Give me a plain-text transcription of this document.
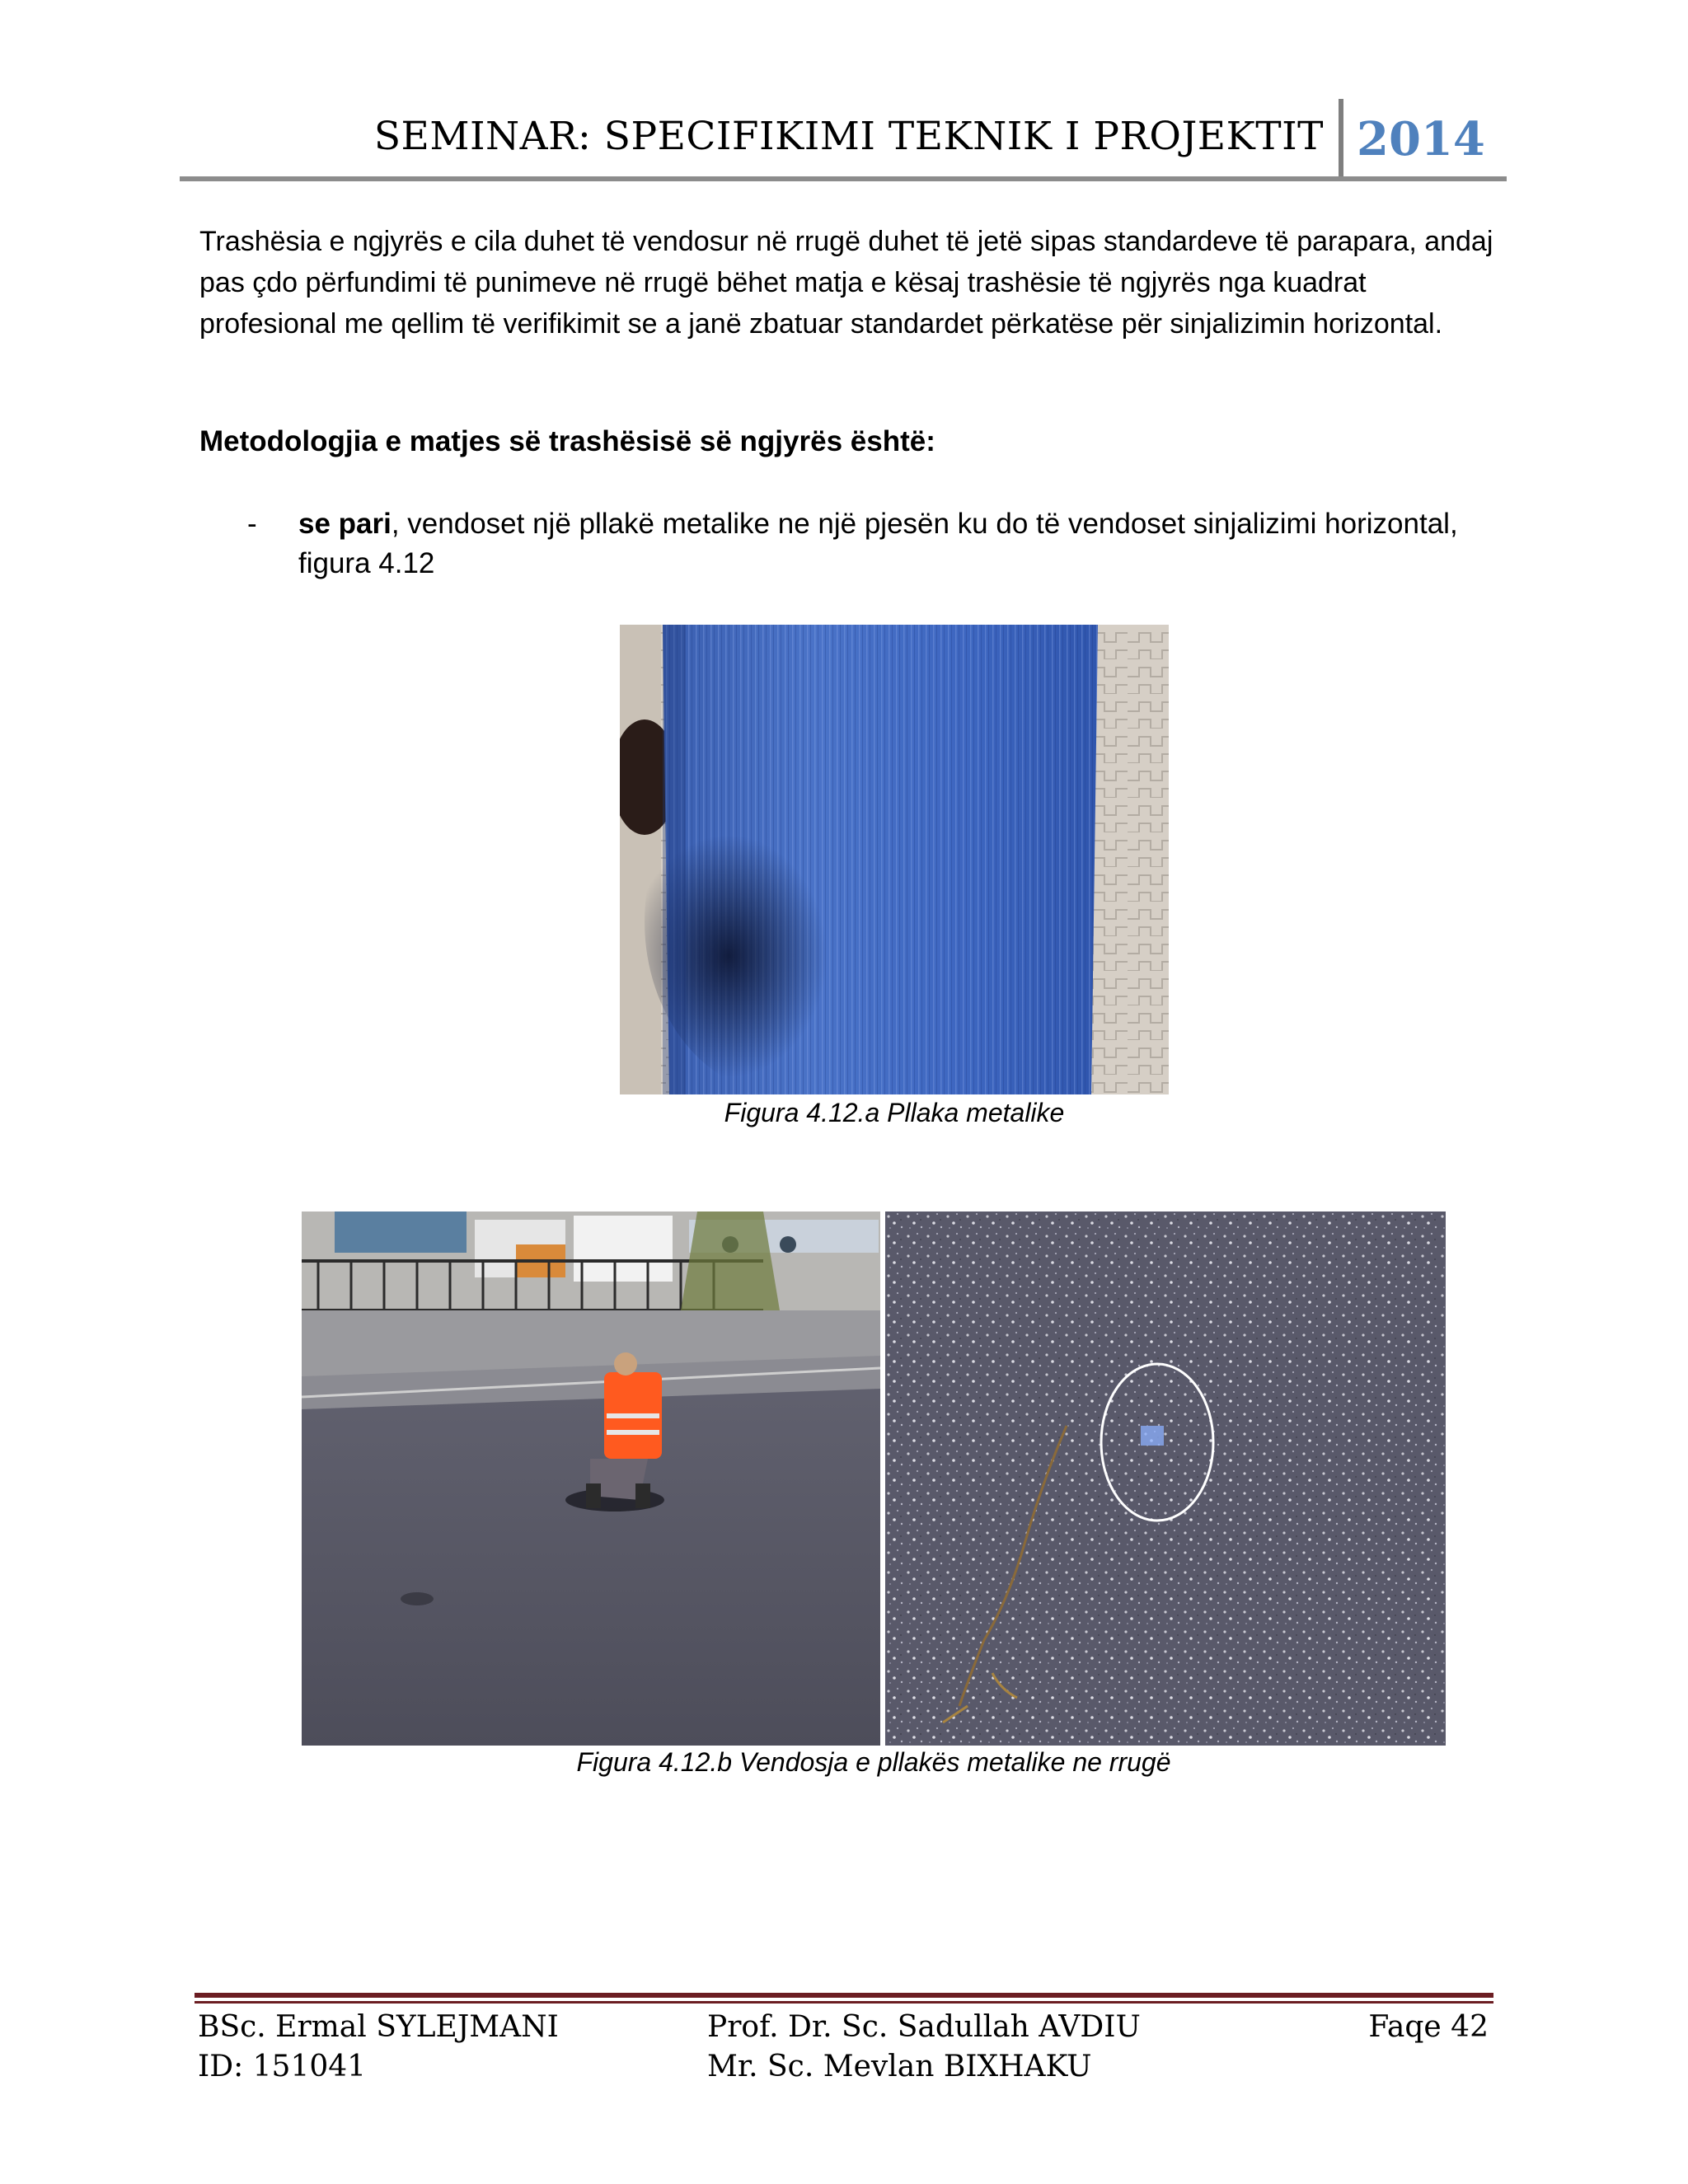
SEMINAR: SPECIFIKIMI TEKNIK I PROJEKTIT 2014

Trashësia e ngjyrës e cila duhet të vendosur në rrugë duhet të jetë sipas standardeve të parapara, andaj pas çdo përfundimi të punimeve në rrugë bëhet matja e kësaj trashësie të ngjyrës nga kuadrat profesional me qellim të verifikimit se a janë zbatuar standardet përkatëse për sinjalizimin horizontal.

Metodologjia e matjes së trashësisë së ngjyrës është:
- se pari, vendoset një pllakë metalike ne një pjesën ku do të vendoset sinjalizimi horizontal, figura 4.12
Figura 4.12.a Pllaka metalike
Figura 4.12.b Vendosja e pllakës metalike ne rrugë
BSc. Ermal SYLEJMANI
ID: 151041
Prof. Dr. Sc. Sadullah AVDIU
Mr. Sc. Mevlan BIXHAKU
Faqe 42
